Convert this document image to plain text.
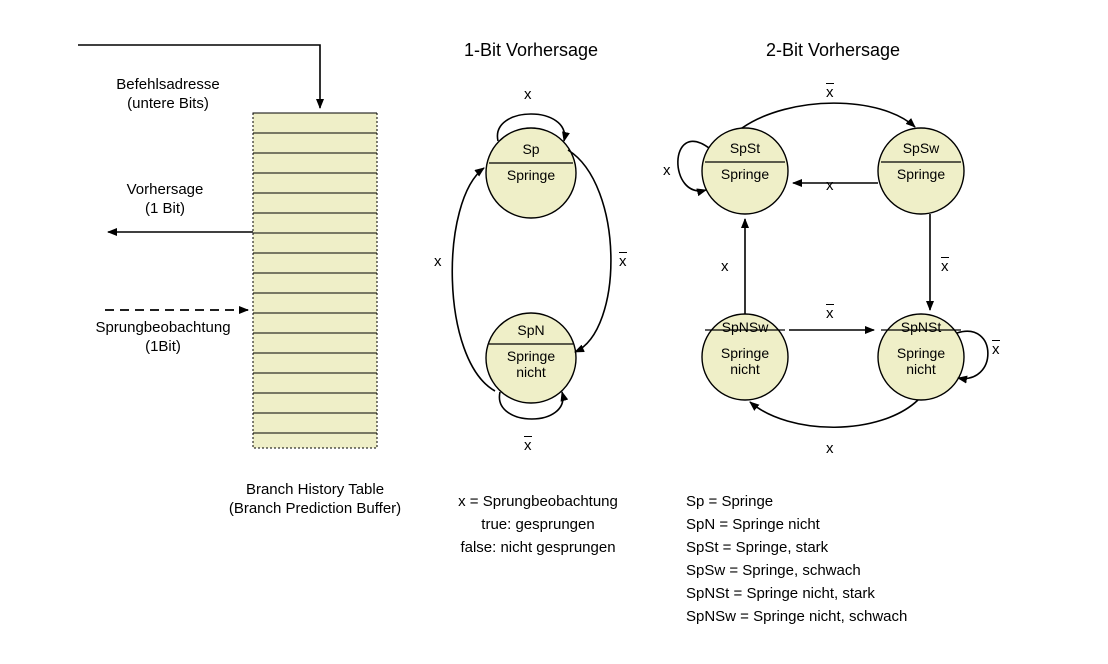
Befehlsadresse
(untere Bits)
Vorhersage
(1 Bit)
Sprungbeobachtung
(1Bit)
Branch History Table
(Branch Prediction Buffer)
1-Bit Vorhersage	2-Bit Vorhersage
Sp
Springe
SpN
Springe
nicht
x
x	x
x
SpSt
Springe
SpSw
Springe
SpNSw
Springe
nicht
SpNSt
Springe
nicht
x
x
x
x
x
x
x
x
x = Sprungbeobachtung
true: gesprungen
false: nicht gesprungen
Sp = Springe
SpN = Springe nicht
SpSt = Springe, stark
SpSw = Springe, schwach
SpNSt = Springe nicht, stark
SpNSw = Springe nicht, schwach
